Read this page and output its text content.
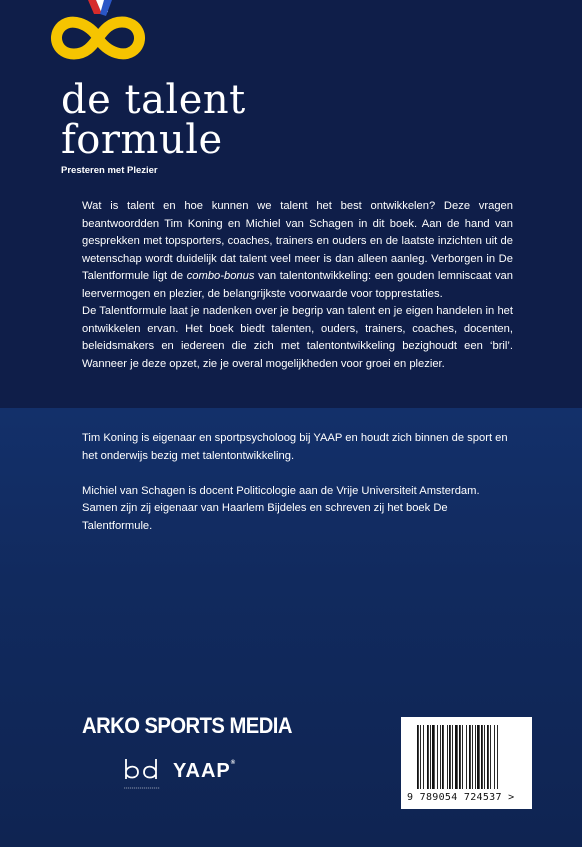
de talent
formule
Presteren met Plezier

Wat is talent en hoe kunnen we talent het best ontwikkelen? Deze vragen beantwoordden Tim Koning en Michiel van Schagen in dit boek. Aan de hand van gesprekken met topsporters, coaches, trainers en ouders en de laatste inzichten uit de wetenschap wordt duidelijk dat talent veel meer is dan alleen aanleg. Verborgen in De Talentformule ligt de combo-bonus van talentontwikkeling: een gouden lemniscaat van leervermogen en plezier, de belangrijkste voorwaarde voor topprestaties.

De Talentformule laat je nadenken over je begrip van talent en je eigen handelen in het ontwikkelen ervan. Het boek biedt talenten, ouders, trainers, coaches, docenten, beleidsmakers en iedereen die zich met talentontwikkeling bezighoudt een ‘bril’. Wanneer je deze opzet, zie je overal mogelijkheden voor groei en plezier.

Tim Koning is eigenaar en sportpsycholoog bij YAAP en houdt zich binnen de sport en het onderwijs bezig met talentontwikkeling.

Michiel van Schagen is docent Politicologie aan de Vrije Universiteit Amsterdam. Samen zijn zij eigenaar van Haarlem Bijdeles en schreven zij het boek De Talentformule.

ARKO SPORTS MEDIA
YAAP®
9 789054 724537 >
